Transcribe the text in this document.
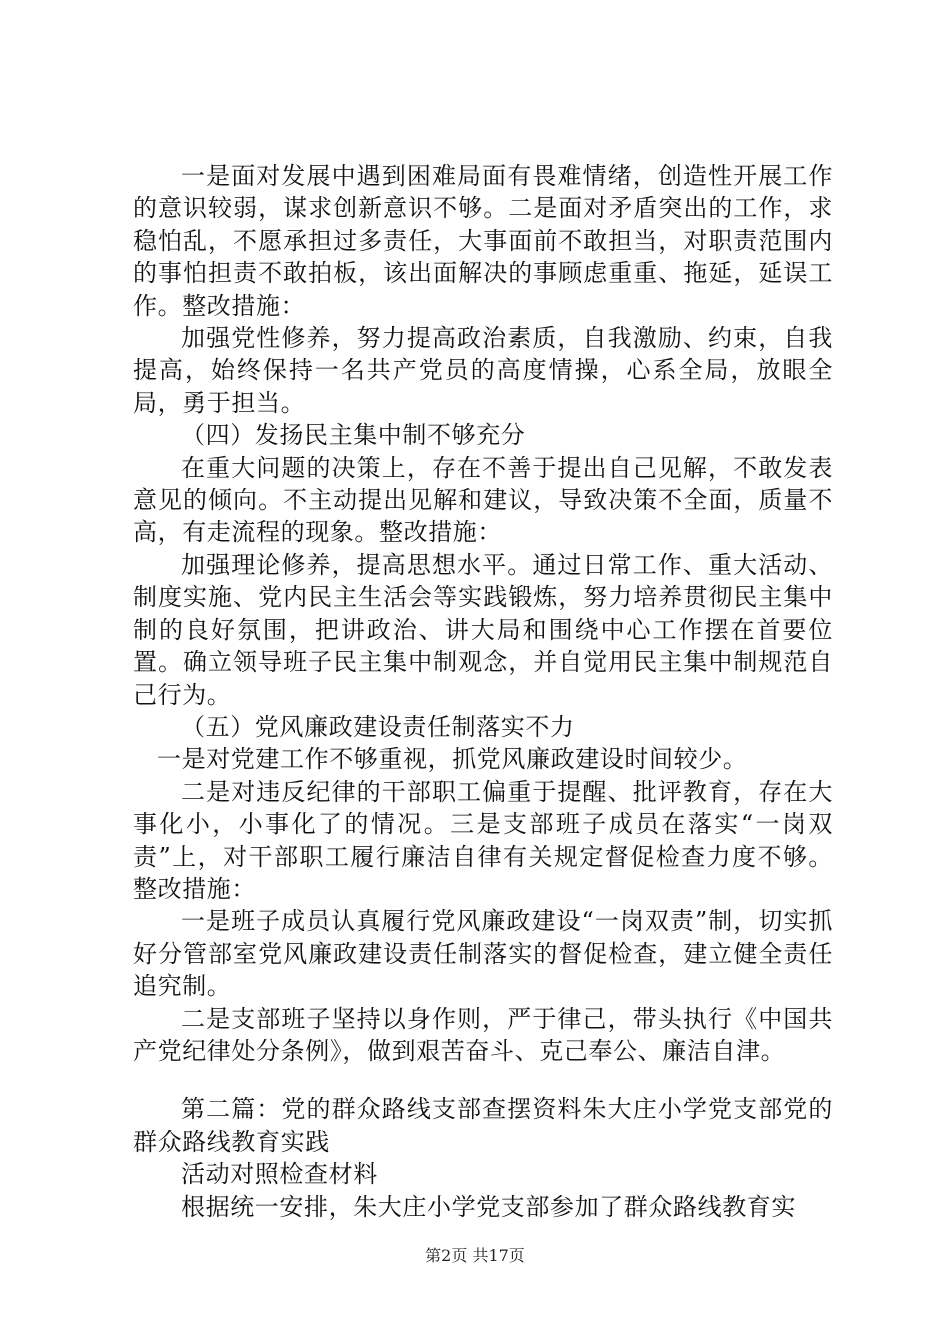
一是面对发展中遇到困难局面有畏难情绪，创造性开展工作的意识较弱，谋求创新意识不够。二是面对矛盾突出的工作，求稳怕乱，不愿承担过多责任，大事面前不敢担当，对职责范围内的事怕担责不敢拍板，该出面解决的事顾虑重重、拖延，延误工作。整改措施：

加强党性修养，努力提高政治素质，自我激励、约束，自我提高，始终保持一名共产党员的高度情操，心系全局，放眼全局，勇于担当。

（四）发扬民主集中制不够充分

在重大问题的决策上，存在不善于提出自己见解，不敢发表意见的倾向。不主动提出见解和建议，导致决策不全面，质量不高，有走流程的现象。整改措施：

加强理论修养，提高思想水平。通过日常工作、重大活动、制度实施、党内民主生活会等实践锻炼，努力培养贯彻民主集中制的良好氛围，把讲政治、讲大局和围绕中心工作摆在首要位置。确立领导班子民主集中制观念，并自觉用民主集中制规范自己行为。

（五）党风廉政建设责任制落实不力

一是对党建工作不够重视，抓党风廉政建设时间较少。

二是对违反纪律的干部职工偏重于提醒、批评教育，存在大事化小，小事化了的情况。三是支部班子成员在落实“一岗双责”上，对干部职工履行廉洁自律有关规定督促检查力度不够。整改措施：

一是班子成员认真履行党风廉政建设“一岗双责”制，切实抓好分管部室党风廉政建设责任制落实的督促检查，建立健全责任追究制。

二是支部班子坚持以身作则，严于律己，带头执行《中国共产党纪律处分条例》，做到艰苦奋斗、克己奉公、廉洁自津。

第二篇：党的群众路线支部查摆资料朱大庄小学党支部党的群众路线教育实践

活动对照检查材料

根据统一安排，朱大庄小学党支部参加了群众路线教育实

第2页 共17页
